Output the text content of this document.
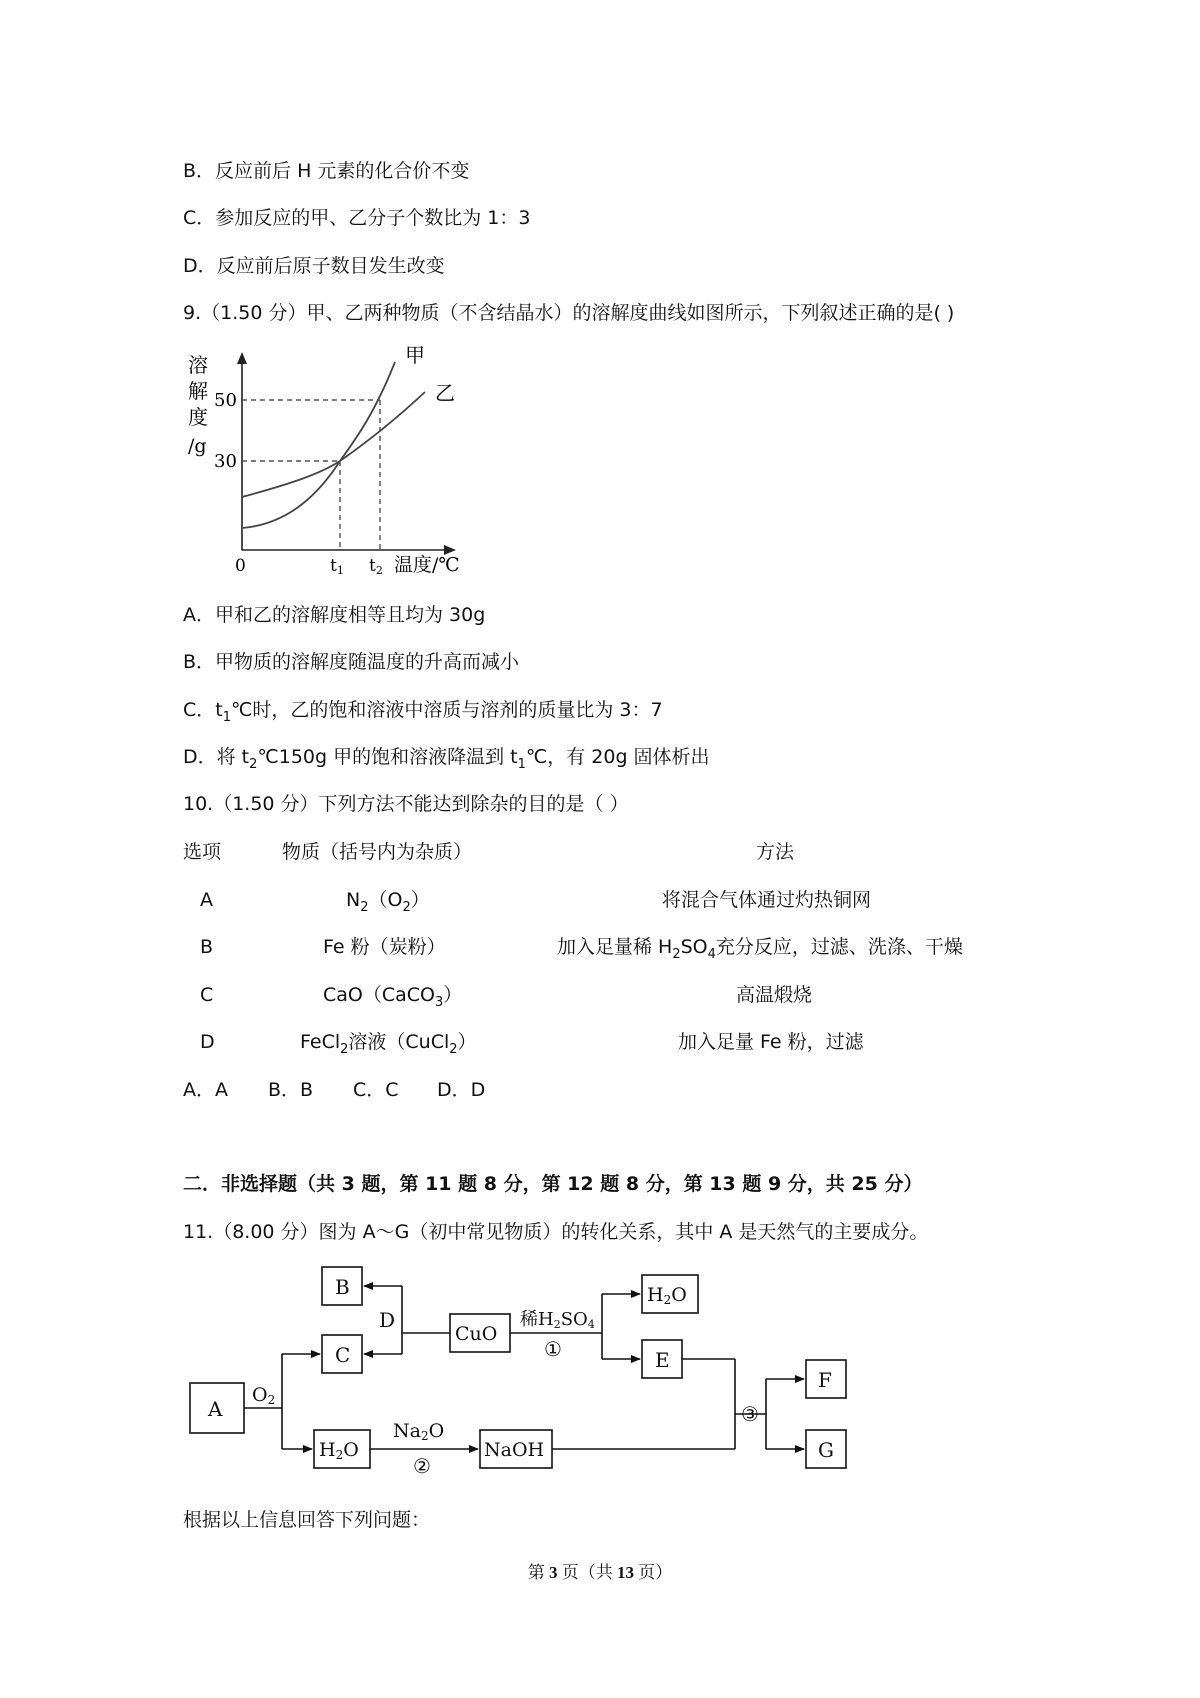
B．反应前后 H 元素的化合价不变
C．参加反应的甲、乙分子个数比为 1：3
D．反应前后原子数目发生改变
9.（1.50 分）甲、乙两种物质（不含结晶水）的溶解度曲线如图所示，下列叙述正确的是( )
溶
解
度
/g
50
30
甲
乙
0	t1 t2 温度/℃
A．甲和乙的溶解度相等且均为 30g
B．甲物质的溶解度随温度的升高而减小
C．$t_1℃$时，乙的饱和溶液中溶质与溶剂的质量比为 3：7
D．将 $t_2℃150g$ 甲的饱和溶液降温到 $t_1℃$，有 20g 固体析出
10.（1.50 分）下列方法不能达到除杂的目的是（ ）
选项	物质（括号内为杂质）	方法
A	$N_2(O_2)$	将混合气体通过灼热铜网
B	Fe 粉（炭粉）	加入足量稀 $H_2SO_4$充分反应，过滤、洗涤、干燥
C	CaO（CaCO$_3$）	高温煅烧
D	FeCl$_2$溶液（CuCl$_2$）	加入足量 Fe 粉，过滤
A．A B．B C．C D．D
二．非选择题（共 3 题，第 11 题 8 分，第 12 题 8 分，第 13 题 9 分，共 25 分）
11.（8.00 分）图为 A～G（初中常见物质）的转化关系，其中 A 是天然气的主要成分。
A
B
C
D
CuO
H2O
E
F
G
H2O	NaOH
O2
稀H2SO4
①
Na2O
②
③
根据以上信息回答下列问题：
第 3 页（共 13 页）
